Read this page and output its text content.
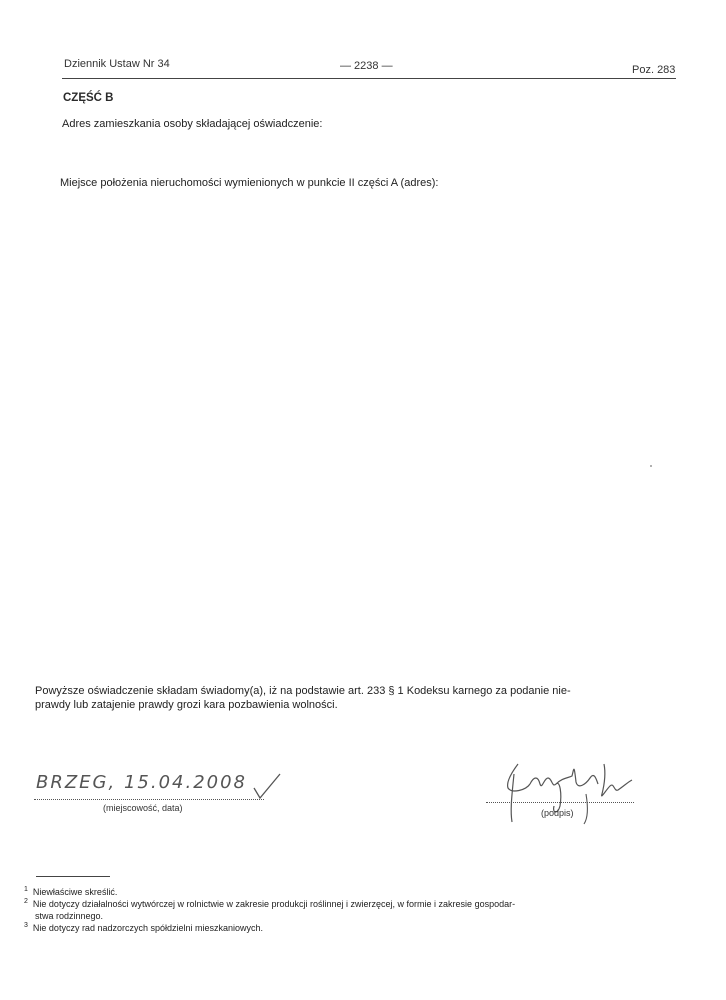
Dziennik Ustaw Nr 34	— 2238 —	Poz. 283
CZĘŚĆ B
Adres zamieszkania osoby składającej oświadczenie:
Miejsce położenia nieruchomości wymienionych w punkcie II części A (adres):
Powyższe oświadczenie składam świadomy(a), iż na podstawie art. 233 § 1 Kodeksu karnego za podanie nie-
prawdy lub zatajenie prawdy grozi kara pozbawienia wolności.
BRZEG, 15.04.2008
(miejscowość, data)	(podpis)
$^1$ Niewłaściwe skreślić.
$^2$ Nie dotyczy działalności wytwórczej w rolnictwie w zakresie produkcji roślinnej i zwierzęcej, w formie i zakresie gospodar-
stwa rodzinnego.
$^3$ Nie dotyczy rad nadzorczych spółdzielni mieszkaniowych.
